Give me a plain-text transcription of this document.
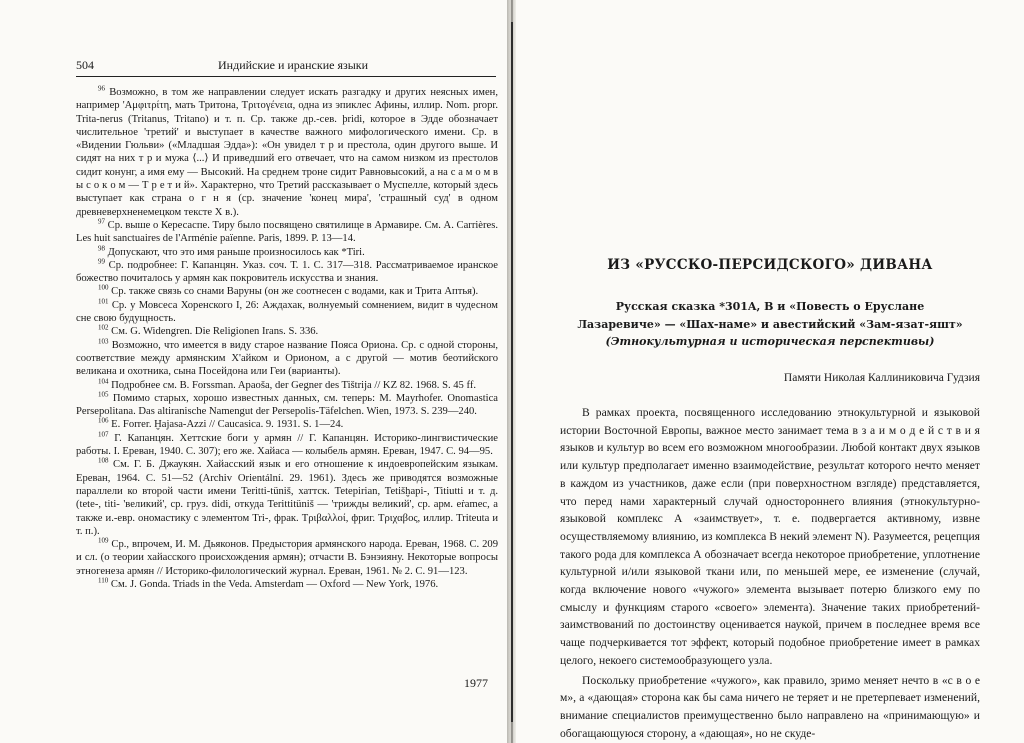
504	Индийские и иранские языки

$^{96}$ Возможно, в том же направлении следует искать разгадку и других неясных имен, например 'Aμφιτρίτη, мать Тритона, Tριτογένεια, одна из эпиклес Афины, иллир. Nom. propr. Trita-nerus (Tritanus, Tritano) и т. п. Ср. также др.-сев. þridi, которое в Эдде обозначает числительное 'третий' и выступает в качестве важного мифологического имени. Ср. в «Видении Гюльви» («Младшая Эдда»): «Он увидел т р и престола, один другого выше. И сидят на них т р и мужа ⟨...⟩ И приведший его отвечает, что на самом низком из престолов сидит конунг, а имя ему — Высокий. На среднем троне сидит Равновысокий, а на с а м о м в ы с о к о м — Т р е т и й». Характерно, что Третий рассказывает о Муспелле, который здесь выступает как страна о г н я (ср. значение 'конец мира', 'страшный суд' в одном древневерхненемецком тексте X в.).

$^{97}$ Ср. выше о Кересаспе. Тиру было посвящено святилище в Армавире. См. A. Carrières. Les huit sanctuaires de l'Arménie païenne. Paris, 1899. P. 13—14.

$^{98}$ Допускают, что это имя раньше произносилось как *Tiri.

$^{99}$ Ср. подробнее: Г. Капанцян. Указ. соч. Т. 1. С. 317—318. Рассматриваемое иранское божество почиталось у армян как покровитель искусства и знания.

$^{100}$ Ср. также связь со снами Варуны (он же соотнесен с водами, как и Трита Аптья).

$^{101}$ Ср. у Мовсеса Хоренского I, 26: Аждахак, волнуемый сомнением, видит в чудесном сне свою будущность.

$^{102}$ См. G. Widengren. Die Religionen Irans. S. 336.

$^{103}$ Возможно, что имеется в виду старое название Пояса Ориона. Ср. с одной стороны, соответствие между армянским Х'айком и Орионом, а с другой — мотив беотийского великана и охотника, сына Посейдона или Геи (варианты).

$^{104}$ Подробнее см. B. Forssman. Apaoša, der Gegner des Tištrija // KZ 82. 1968. S. 45 ff.

$^{105}$ Помимо старых, хорошо известных данных, см. теперь: M. Mayrhofer. Onomastica Persepolitana. Das altiranische Namengut der Persepolis-Täfelchen. Wien, 1973. S. 239—240.

$^{106}$ E. Forrer. Ḫajasa-Azzi // Caucasica. 9. 1931. S. 1—24.

$^{107}$ Г. Капанцян. Хеттские боги у армян // Г. Капанцян. Историко-лингвистические работы. I. Ереван, 1940. С. 307); его же. Хайаса — колыбель армян. Ереван, 1947. С. 94—95.

$^{108}$ См. Г. Б. Джаукян. Хайасский язык и его отношение к индоевропейским языкам. Ереван, 1964. С. 51—52 (Archiv Orientální. 29. 1961). Здесь же приводятся возможные параллели ко второй части имени Teritti-tüniš, хаттск. Tetepirian, Tetišḫapi-, Titiutti и т. д. (tete-, titi- 'великий', ср. груз. didi, откуда Terittitüniš — 'трижды великий', ср. арм. eṙamec, а также и.-евр. ономастику с элементом Tri-, фрак. Tριβαλλοί, фриг. Tριχαβος, иллир. Triteuta и т. п.).

$^{109}$ Ср., впрочем, И. М. Дьяконов. Предыстория армянского народа. Ереван, 1968. С. 209 и сл. (о теории хайасского происхождения армян); отчасти В. Бэнэияну. Некоторые вопросы этногенеза армян // Историко-филологический журнал. Ереван, 1961. № 2. С. 91—123.

$^{110}$ См. J. Gonda. Triads in the Veda. Amsterdam — Oxford — New York, 1976.

1977
ИЗ «РУССКО-ПЕРСИДСКОГО» ДИВАНА
Русская сказка *301A, B и «Повесть о Еруслане
Лазаревиче» — «Шах-наме» и авестийский «Зам-язат-яшт»
(Этнокультурная и историческая перспективы)
Памяти Николая Каллиниковича Гудзия

В рамках проекта, посвященного исследованию этнокультурной и языковой истории Восточной Европы, важное место занимает тема в з а и м о д е й с т в и я языков и культур во всем его возможном многообразии. Любой контакт двух языков или культур предполагает именно взаимодействие, результат которого нечто меняет в каждом из участников, даже если (при поверхностном взгляде) представляется, что перед нами характерный случай одностороннего влияния (этнокультурно-языковой комплекс А «заимствует», т. е. подвергается активному, извне осуществляемому влиянию, из комплекса В некий элемент N). Разумеется, рецепция такого рода для комплекса А обозначает всегда некоторое приобретение, уплотнение культурной и/или языковой ткани или, по меньшей мере, ее изменение (случай, когда включение нового «чужого» элемента вызывает потерю близкого ему по смыслу и функциям старого «своего» элемента). Значение таких приобретений-заимствований по достоинству оценивается наукой, причем в последнее время все чаще подчеркивается тот эффект, который подобное приобретение имеет в рамках целого, некоего системообразующего узла.

Поскольку приобретение «чужого», как правило, зримо меняет нечто в «с в о е м», а «дающая» сторона как бы сама ничего не теряет и не претерпевает изменений, внимание специалистов преимущественно было направлено на «принимающую» и обогащающуюся сторону, а «дающая», но не скуде-
